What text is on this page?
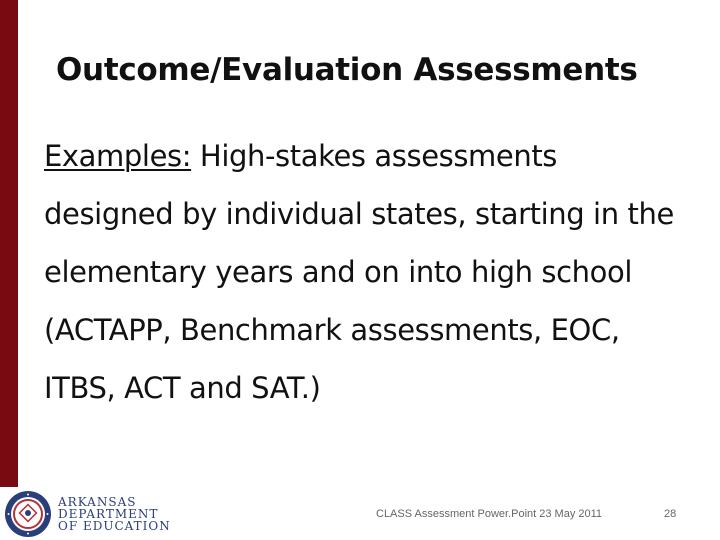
Outcome/Evaluation Assessments
Examples: High-stakes assessments designed by individual states, starting in the elementary years and on into high school (ACTAPP, Benchmark assessments, EOC, ITBS, ACT and SAT.)
ARKANSAS
DEPARTMENT
OF EDUCATION
CLASS Assessment Power.Point 23 May 2011	28
